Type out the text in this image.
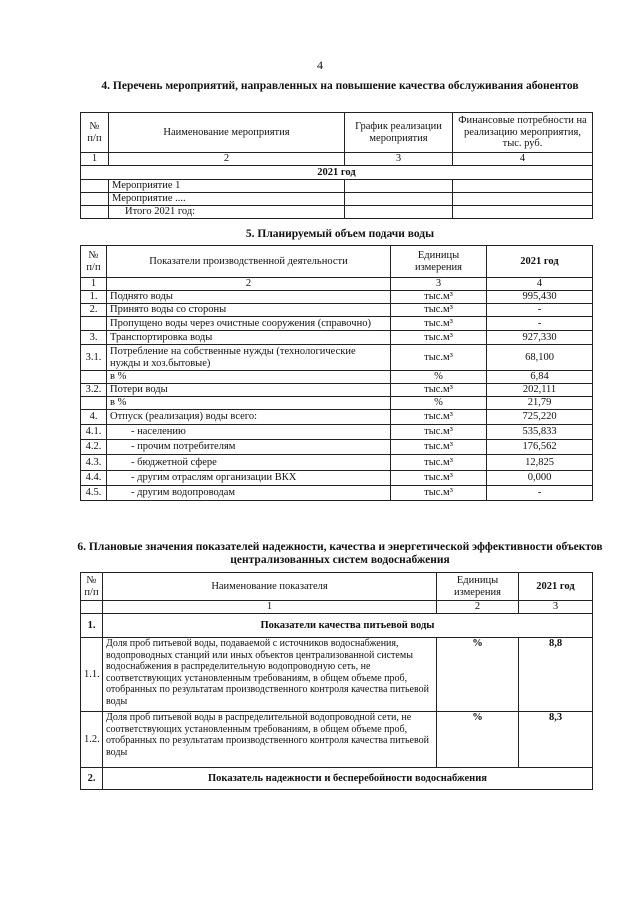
4
4. Перечень мероприятий, направленных на повышение качества обслуживания абонентов
№ п/п	Наименование мероприятия	График реализации мероприятия	Финансовые потребности на реализацию мероприятия, тыс. руб.
1	2	3	4
2021 год			
	Мероприятие 1		
	Мероприятие ....		
	Итого 2021 год:		
5. Планируемый объем подачи воды
№ п/п	Показатели производственной деятельности	Единицы измерения	2021 год
1	2	3	4
1.	Поднято воды	тыс.м³	995,430
2.	Принято воды со стороны	тыс.м³	-
	Пропущено воды через очистные сооружения (справочно)	тыс.м³	-
3.	Транспортировка воды	тыс.м³	927,330
3.1.	Потребление на собственные нужды (технологические нужды и хоз.бытовые)	тыс.м³	68,100
	в %	%	6,84
3.2.	Потери воды	тыс.м³	202,111
	в %	%	21,79
4.	Отпуск (реализация) воды всего:	тыс.м³	725,220
4.1.	- населению	тыс.м³	535,833
4.2.	- прочим потребителям	тыс.м³	176,562
4.3.	- бюджетной сфере	тыс.м³	12,825
4.4.	- другим отраслям организации ВКХ	тыс.м³	0,000
4.5.	- другим водопроводам	тыс.м³	-
6. Плановые значения показателей надежности, качества и энергетической эффективности объектов централизованных систем водоснабжения
№ п/п	Наименование показателя	Единицы измерения	2021 год
	1	2	3
1.	Показатели качества питьевой воды		
1.1.	Доля проб питьевой воды, подаваемой с источников водоснабжения, водопроводных станций или иных объектов централизованной системы водоснабжения в распределительную водопроводную сеть, не соответствующих установленным требованиям, в общем объеме проб, отобранных по результатам производственного контроля качества питьевой воды	%	8,8
1.2.	Доля проб питьевой воды в распределительной водопроводной сети, не соответствующих установленным требованиям, в общем объеме проб, отобранных по результатам производственного контроля качества питьевой воды	%	8,3
2.	Показатель надежности и бесперебойности водоснабжения		
